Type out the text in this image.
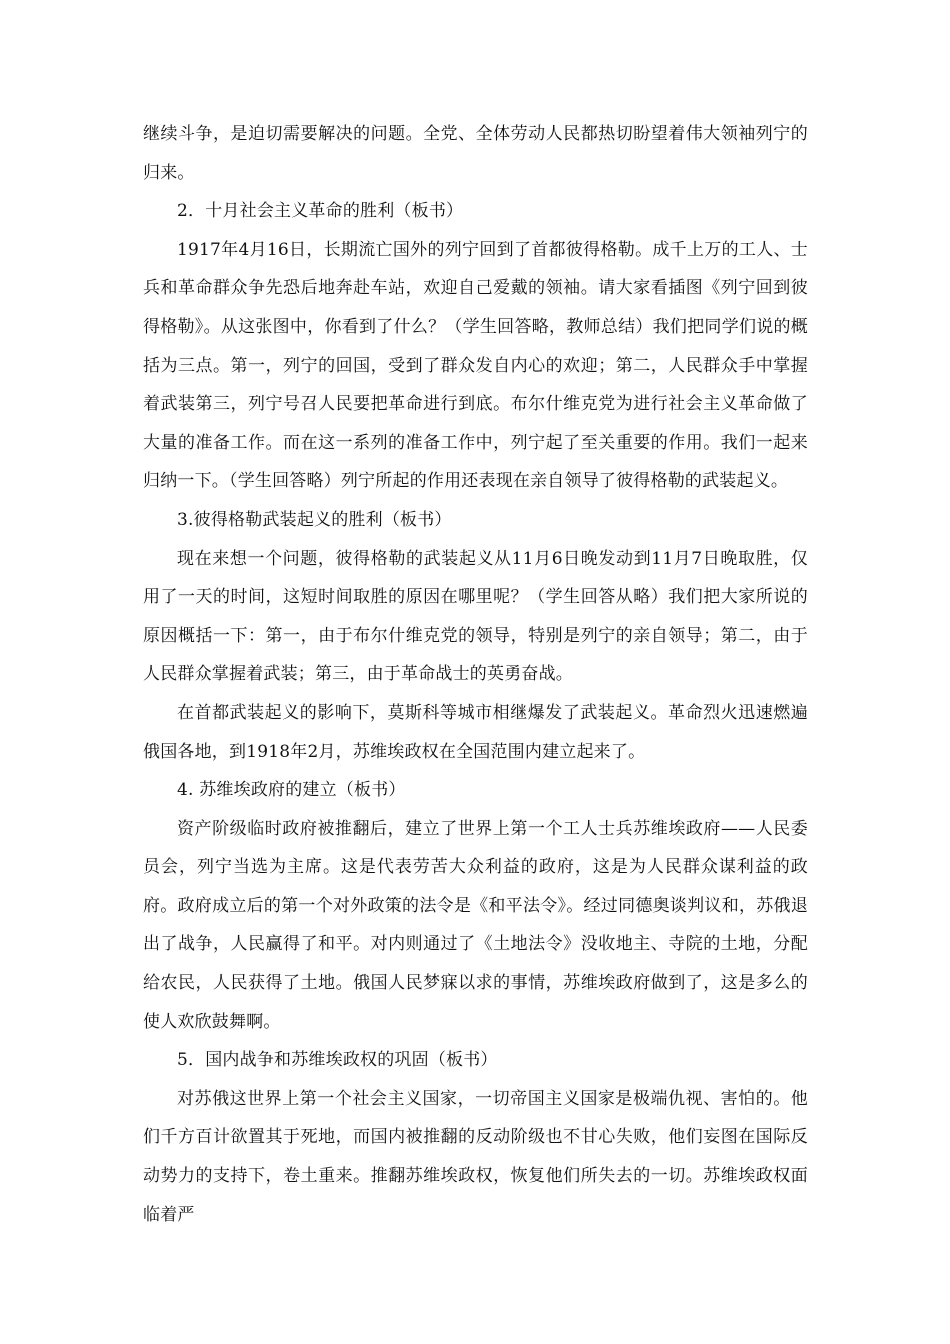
继续斗争，是迫切需要解决的问题。全党、全体劳动人民都热切盼望着伟大领袖列宁的归来。

2．十月社会主义革命的胜利（板书）

1917年4月16日，长期流亡国外的列宁回到了首都彼得格勒。成千上万的工人、士兵和革命群众争先恐后地奔赴车站，欢迎自己爱戴的领袖。请大家看插图《列宁回到彼得格勒》。从这张图中，你看到了什么？（学生回答略，教师总结）我们把同学们说的概括为三点。第一，列宁的回国，受到了群众发自内心的欢迎；第二，人民群众手中掌握着武装第三，列宁号召人民要把革命进行到底。布尔什维克党为进行社会主义革命做了大量的准备工作。而在这一系列的准备工作中，列宁起了至关重要的作用。我们一起来归纳一下。（学生回答略）列宁所起的作用还表现在亲自领导了彼得格勒的武装起义。

3.彼得格勒武装起义的胜利（板书）

现在来想一个问题，彼得格勒的武装起义从11月6日晚发动到11月7日晚取胜，仅用了一天的时间，这短时间取胜的原因在哪里呢？（学生回答从略）我们把大家所说的原因概括一下：第一，由于布尔什维克党的领导，特别是列宁的亲自领导；第二，由于人民群众掌握着武装；第三，由于革命战士的英勇奋战。

在首都武装起义的影响下，莫斯科等城市相继爆发了武装起义。革命烈火迅速燃遍俄国各地，到1918年2月，苏维埃政权在全国范围内建立起来了。

4. 苏维埃政府的建立（板书）

资产阶级临时政府被推翻后，建立了世界上第一个工人士兵苏维埃政府——人民委员会，列宁当选为主席。这是代表劳苦大众利益的政府，这是为人民群众谋利益的政府。政府成立后的第一个对外政策的法令是《和平法令》。经过同德奥谈判议和，苏俄退出了战争，人民赢得了和平。对内则通过了《土地法令》没收地主、寺院的土地，分配给农民，人民获得了土地。俄国人民梦寐以求的事情，苏维埃政府做到了，这是多么的使人欢欣鼓舞啊。

5．国内战争和苏维埃政权的巩固（板书）

对苏俄这世界上第一个社会主义国家，一切帝国主义国家是极端仇视、害怕的。他们千方百计欲置其于死地，而国内被推翻的反动阶级也不甘心失败，他们妄图在国际反动势力的支持下，卷土重来。推翻苏维埃政权，恢复他们所失去的一切。苏维埃政权面临着严
